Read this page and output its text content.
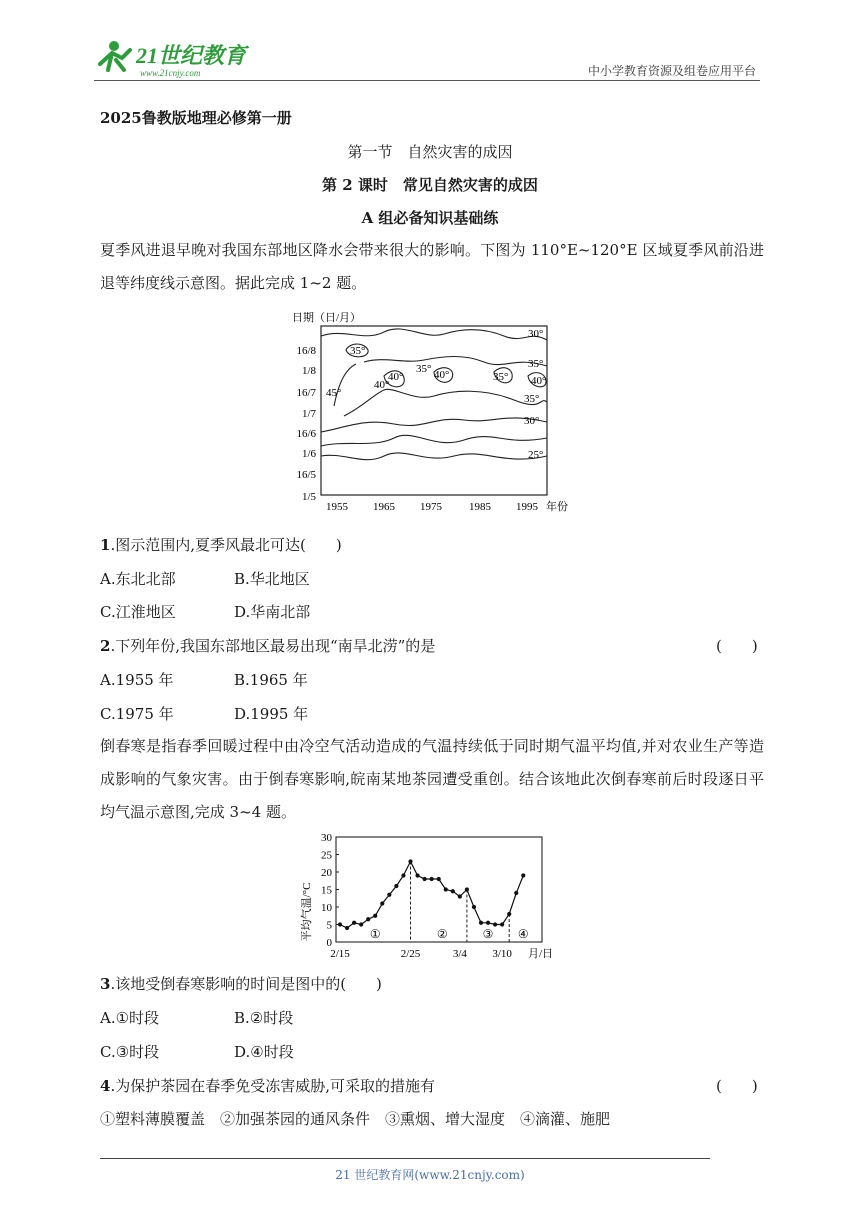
21世纪教育
www.21cnjy.com	中小学教育资源及组卷应用平台
2025鲁教版地理必修第一册
第一节　自然灾害的成因
第 2 课时　常见自然灾害的成因
A 组必备知识基础练
夏季风进退早晚对我国东部地区降水会带来很大的影响。下图为 110°E~120°E 区域夏季风前沿进退等纬度线示意图。据此完成 1~2 题。
日期（日/月）
16/8
1/8
16/7
1/7
16/6
1/6
16/5
1/5
1955 1965 1975 1985 1995 年份
30°
35°
35°
40°
35° 40°
45°
40°
35°
35°
40°
30°
25°
1.图示范围内,夏季风最北可达(　　)
A.东北北部	B.华北地区
C.江淮地区	D.华南北部
2.下列年份,我国东部地区最易出现“南旱北涝”的是	(　　)
A.1955 年	B.1965 年
C.1975 年	D.1995 年
倒春寒是指春季回暖过程中由冷空气活动造成的气温持续低于同时期气温平均值,并对农业生产等造成影响的气象灾害。由于倒春寒影响,皖南某地茶园遭受重创。结合该地此次倒春寒前后时段逐日平均气温示意图,完成 3~4 题。
平均气温/°C
月/日
0
5
10
15
20
25
30
2/15	2/25	3/4 3/10
①	②	③ ④
3.该地受倒春寒影响的时间是图中的(　　)
A.①时段	B.②时段
C.③时段	D.④时段
4.为保护茶园在春季免受冻害威胁,可采取的措施有	(　　)
①塑料薄膜覆盖　②加强茶园的通风条件　③熏烟、增大湿度　④滴灌、施肥
21 世纪教育网(www.21cnjy.com)
